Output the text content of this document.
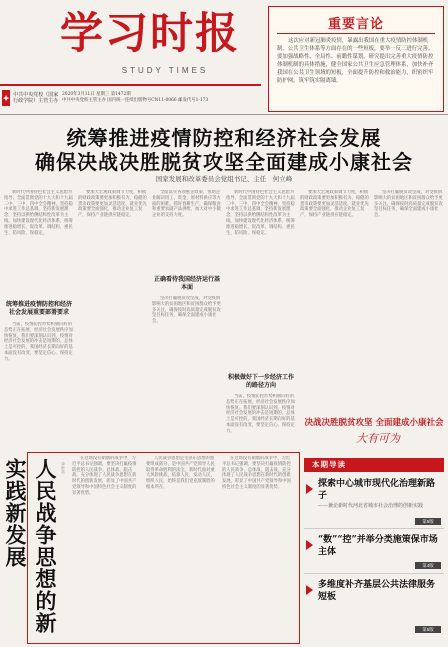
学习时报
STUDY TIMES
✦ 中共中央党校（国家行政学院）主管主办
2020年3月11日 星期三 第1472期
中共中央党校主管主办 国内统一连续出版物号CN11-0066 邮发代号1-173
重要言论
这次应对新冠肺炎疫情，暴露出我国在重大疫情防控体制机制、公共卫生体系等方面存在的一些短板，要举一反三进行完善。要加强战略性、全局性、前瞻性谋划，研究提出完善重大疫情防控体制机制的具体措施，健全国家公共卫生应急管理体系，加快补齐我国在公共卫生领域的短板，全面提升防控和救治能力，织密织牢防护网，筑牢筑实隔离墙。
统筹推进疫情防控和经济社会发展
确保决战决胜脱贫攻坚全面建成小康社会
国家发展和改革委员会党组书记、主任　何立峰
新时代中国特色社会主义思想为指导，全面贯彻党的十九大和十九届二中、三中、四中全会精神，坚持稳中求进工作总基调，坚持新发展理念，坚持以供给侧结构性改革为主线，加快建设现代化经济体系，统筹推进稳增长、促改革、调结构、惠民生、防风险、保稳定。
统筹推进疫情防控和经济社会发展重要部署要求
当前，疫情防控形势积极向好的态势正在拓展，经济社会发展秩序加快恢复。我们要深刻认识到，疫情对经济社会发展的冲击是短期的、总体上是可控的，我国经济长期向好的基本面没有改变，要坚定信心、保持定力。
要加大宏观政策调节力度，积极的财政政策要更加积极有为，稳健的货币政策要更加灵活适度，就业优先政策要全面强化，推动企业复工复产，保持产业链供应链稳定。
全面落实各项惠企政策，帮助企业解决用工、资金、原材料供应等方面的困难。抓好春耕生产，确保粮食和重要农副产品供给，加大对中小微企业的支持力度。
正确看待我国经济运行基本面
坚决打赢脱贫攻坚战，对受疫情影响大的贫困地区和贫困群众给予更多关注，确保按时高质量完成脱贫攻坚目标任务，确保全面建成小康社会。
新时代中国特色社会主义思想为指导，全面贯彻党的十九大和十九届二中、三中、四中全会精神，坚持稳中求进工作总基调，坚持新发展理念，坚持以供给侧结构性改革为主线，加快建设现代化经济体系，统筹推进稳增长、促改革、调结构、惠民生、防风险、保稳定。
积极做好下一步经济工作的路径方向
当前，疫情防控形势积极向好的态势正在拓展，经济社会发展秩序加快恢复。我们要深刻认识到，疫情对经济社会发展的冲击是短期的、总体上是可控的，我国经济长期向好的基本面没有改变，要坚定信心、保持定力。
要加大宏观政策调节力度，积极的财政政策要更加积极有为，稳健的货币政策要更加灵活适度，就业优先政策要全面强化，推动企业复工复产，保持产业链供应链稳定。
坚决打赢脱贫攻坚战，对受疫情影响大的贫困地区和贫困群众给予更多关注，确保按时高质量完成脱贫攻坚目标任务，确保全面建成小康社会。
人民战争思想的新实践新发展	李世英
在这场没有硝烟的战争中，习近平总书记强调，要坚决打赢疫情防控的人民战争、总体战、阻击战，充分体现了人民战争思想在新时代的创新发展，彰显了中国共产党领导和中国特色社会主义制度的显著优势。
人民战争思想是毛泽东思想的重要组成部分，是中国共产党领导人民取得革命胜利的法宝。新时代面对重大风险挑战，依靠人民、发动人民、组织人民，始终是我们党克敌制胜的根本所在。
在这场没有硝烟的战争中，习近平总书记强调，要坚决打赢疫情防控的人民战争、总体战、阻击战，充分体现了人民战争思想在新时代的创新发展，彰显了中国共产党领导和中国特色社会主义制度的显著优势。
决战决胜脱贫攻坚 全面建成小康社会
大有可为
本期导读
探索中心城市现代化治理新路子
——兼论新时代河北省城市社会治理的创新实践
第5版
“数”“控”并举分类施策保市场主体
第4版
多维度补齐基层公共法律服务短板
第5版
